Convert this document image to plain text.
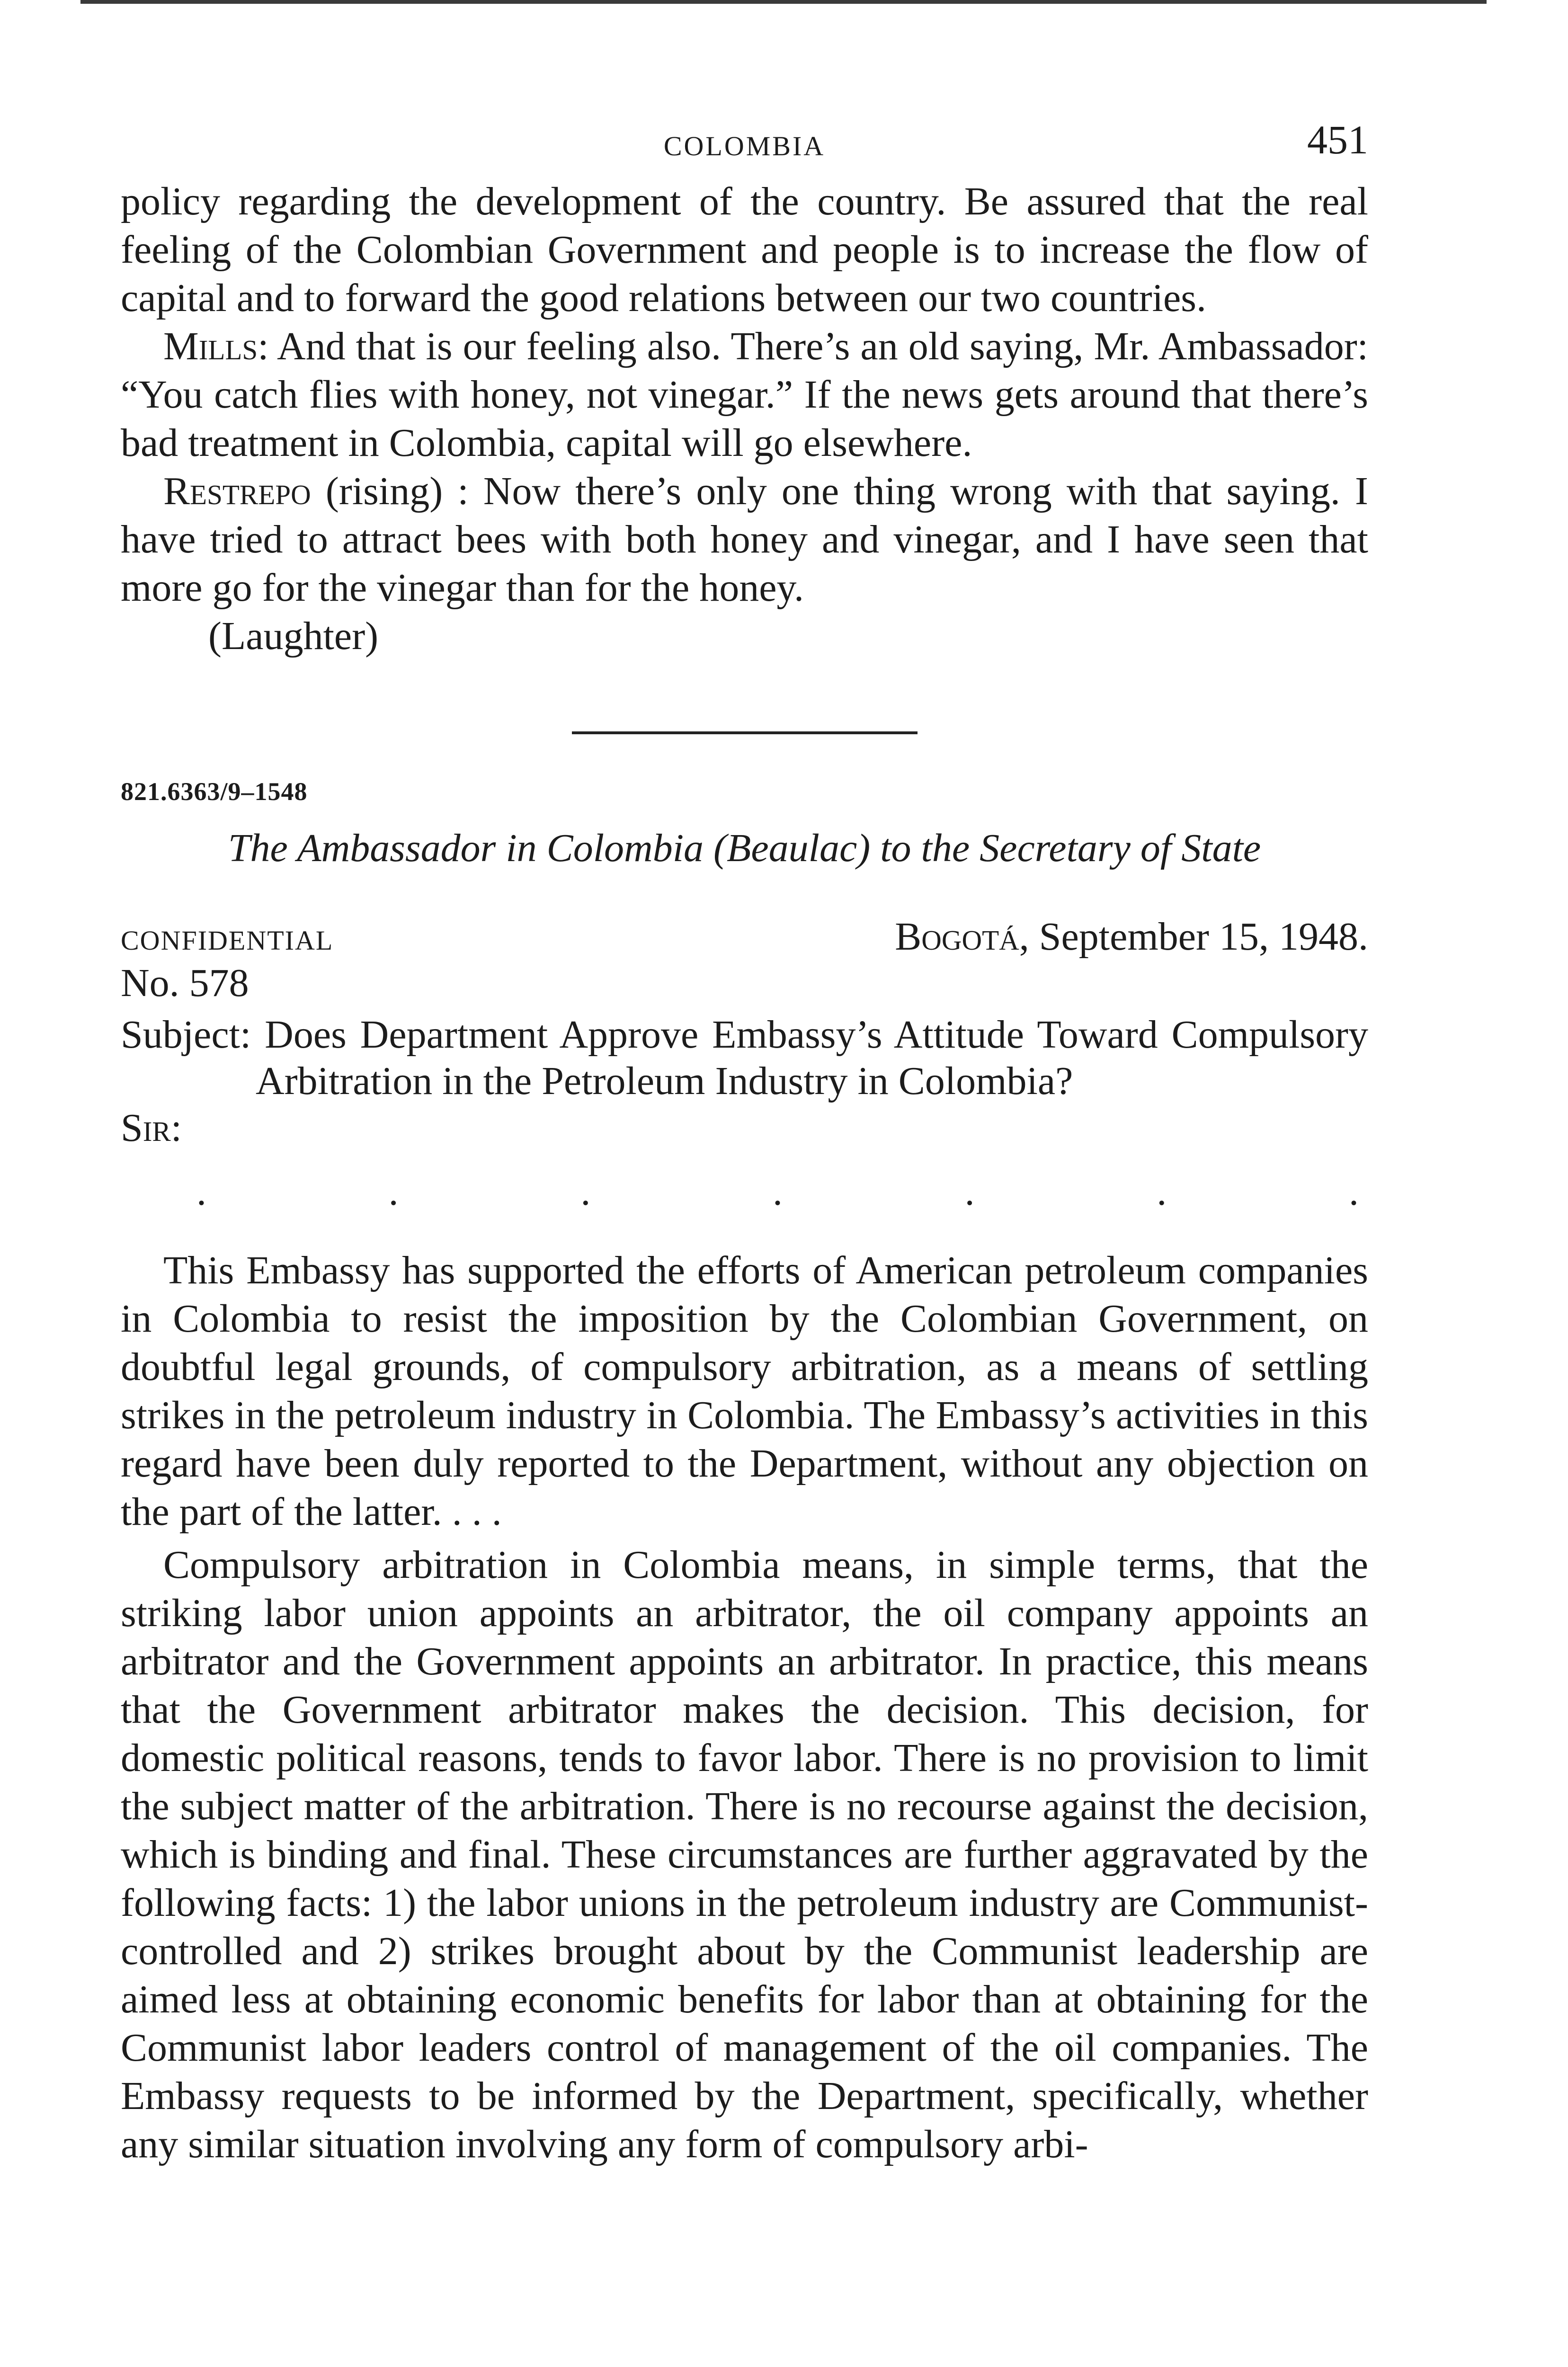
COLOMBIA	451

policy regarding the development of the country. Be assured that the real feeling of the Colombian Government and people is to increase the flow of capital and to forward the good relations between our two countries.

Mills: And that is our feeling also. There’s an old saying, Mr. Ambassador: “You catch flies with honey, not vinegar.” If the news gets around that there’s bad treatment in Colombia, capital will go elsewhere.

Restrepo (rising) : Now there’s only one thing wrong with that saying. I have tried to attract bees with both honey and vinegar, and I have seen that more go for the vinegar than for the honey.

(Laughter)
821.6363/9–1548
The Ambassador in Colombia (Beaulac) to the Secretary of State
CONFIDENTIAL	Bogotá, September 15, 1948.
No. 578
Subject: Does Department Approve Embassy’s Attitude Toward Compulsory Arbitration in the Petroleum Industry in Colombia?
Sir:
.	.	.	.	.	.	.

This Embassy has supported the efforts of American petroleum companies in Colombia to resist the imposition by the Colombian Government, on doubtful legal grounds, of compulsory arbitration, as a means of settling strikes in the petroleum industry in Colombia. The Embassy’s activities in this regard have been duly reported to the Department, without any objection on the part of the latter. . . .

Compulsory arbitration in Colombia means, in simple terms, that the striking labor union appoints an arbitrator, the oil company appoints an arbitrator and the Government appoints an arbitrator. In practice, this means that the Government arbitrator makes the decision. This decision, for domestic political reasons, tends to favor labor. There is no provision to limit the subject matter of the arbitration. There is no recourse against the decision, which is binding and final. These circumstances are further aggravated by the following facts: 1) the labor unions in the petroleum industry are Communist-controlled and 2) strikes brought about by the Communist leadership are aimed less at obtaining economic benefits for labor than at obtaining for the Communist labor leaders control of management of the oil companies. The Embassy requests to be informed by the Department, specifically, whether any similar situation involving any form of compulsory arbi-
